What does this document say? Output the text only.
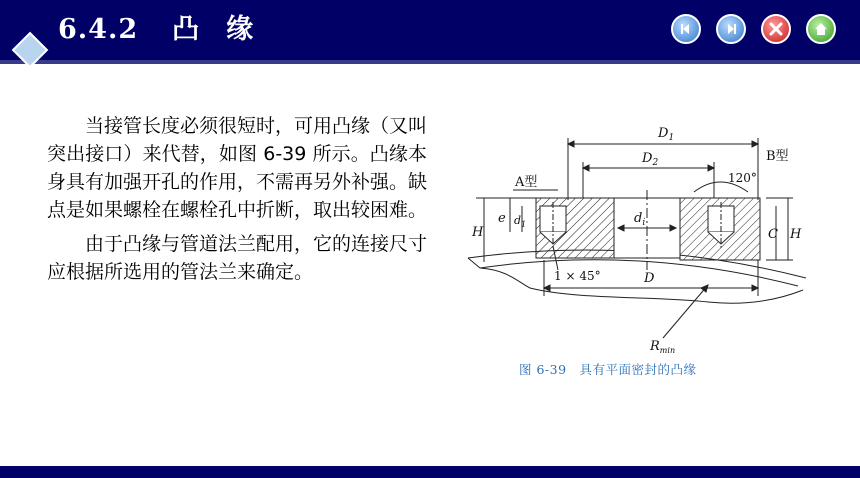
6.4.2 凸 缘

当接管长度必须很短时，可用凸缘（又叫突出接口）来代替，如图 6-39 所示。凸缘本身具有加强开孔的作用，不需再另外补强。缺点是如果螺栓在螺栓孔中折断，取出较困难。

由于凸缘与管道法兰配用，它的连接尺寸应根据所选用的管法兰来确定。

$D_1$
$D_2$	B型
120°
A型
$d_i$
H
e $d_1$
1 × 45°	D
C H
$R_{min}$
图 6-39　具有平面密封的凸缘
